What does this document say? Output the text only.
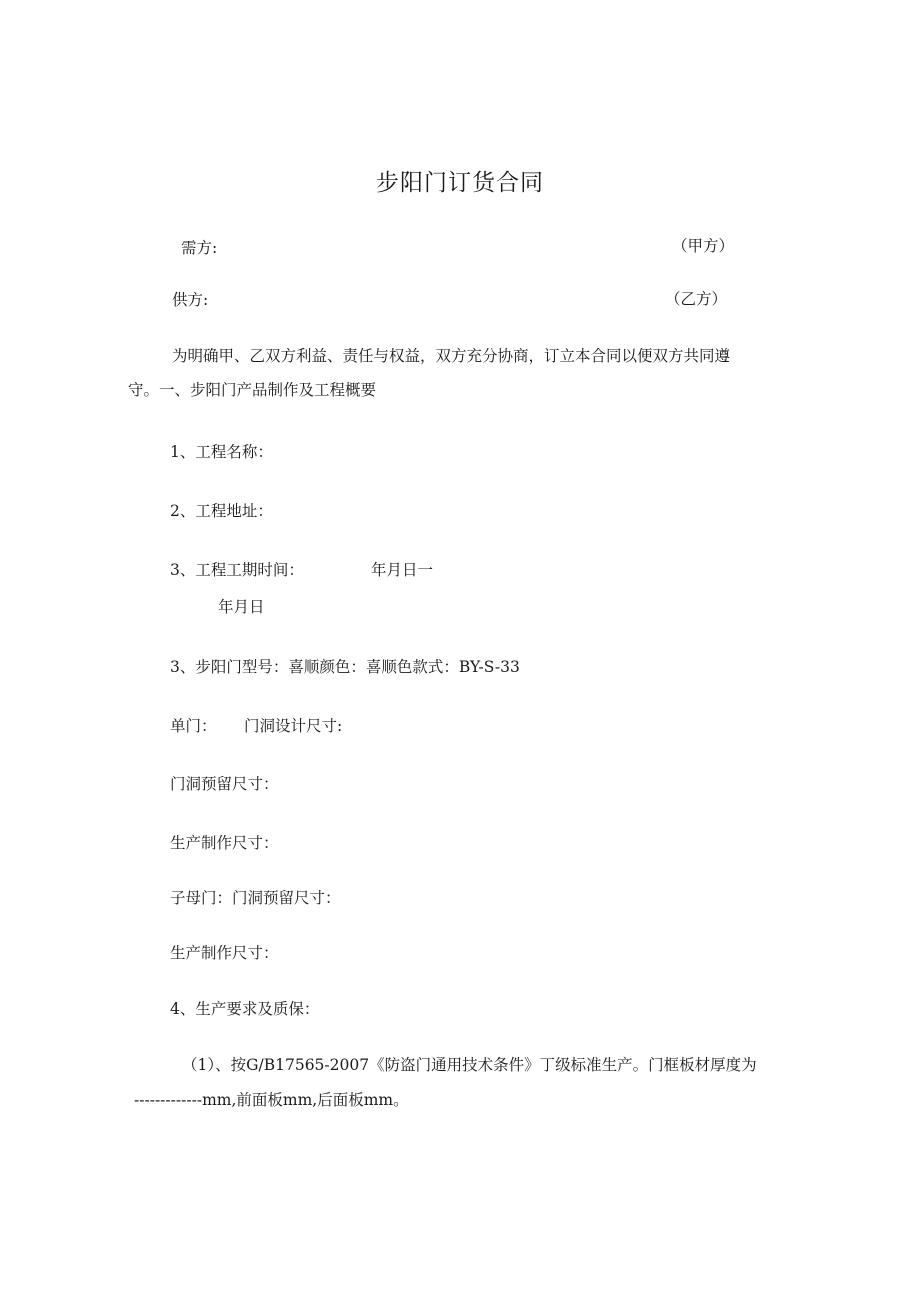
步阳门订货合同
需方:	（甲方）
供方:	（乙方）
为明确甲、乙双方利益、责任与权益，双方充分协商，订立本合同以便双方共同遵
守。一、步阳门产品制作及工程概要
1、工程名称：
2、工程地址：
3、工程工期时间：	年月日一
年月日
3、步阳门型号：喜顺颜色：喜顺色款式：BY-S-33
单门： 门洞设计尺寸:
门洞预留尺寸：
生产制作尺寸：
子母门：门洞预留尺寸：
生产制作尺寸：
4、生产要求及质保：
（1）、按G/B17565-2007《防盗门通用技术条件》丁级标准生产。门框板材厚度为
-------------mm,前面板mm,后面板mm。
